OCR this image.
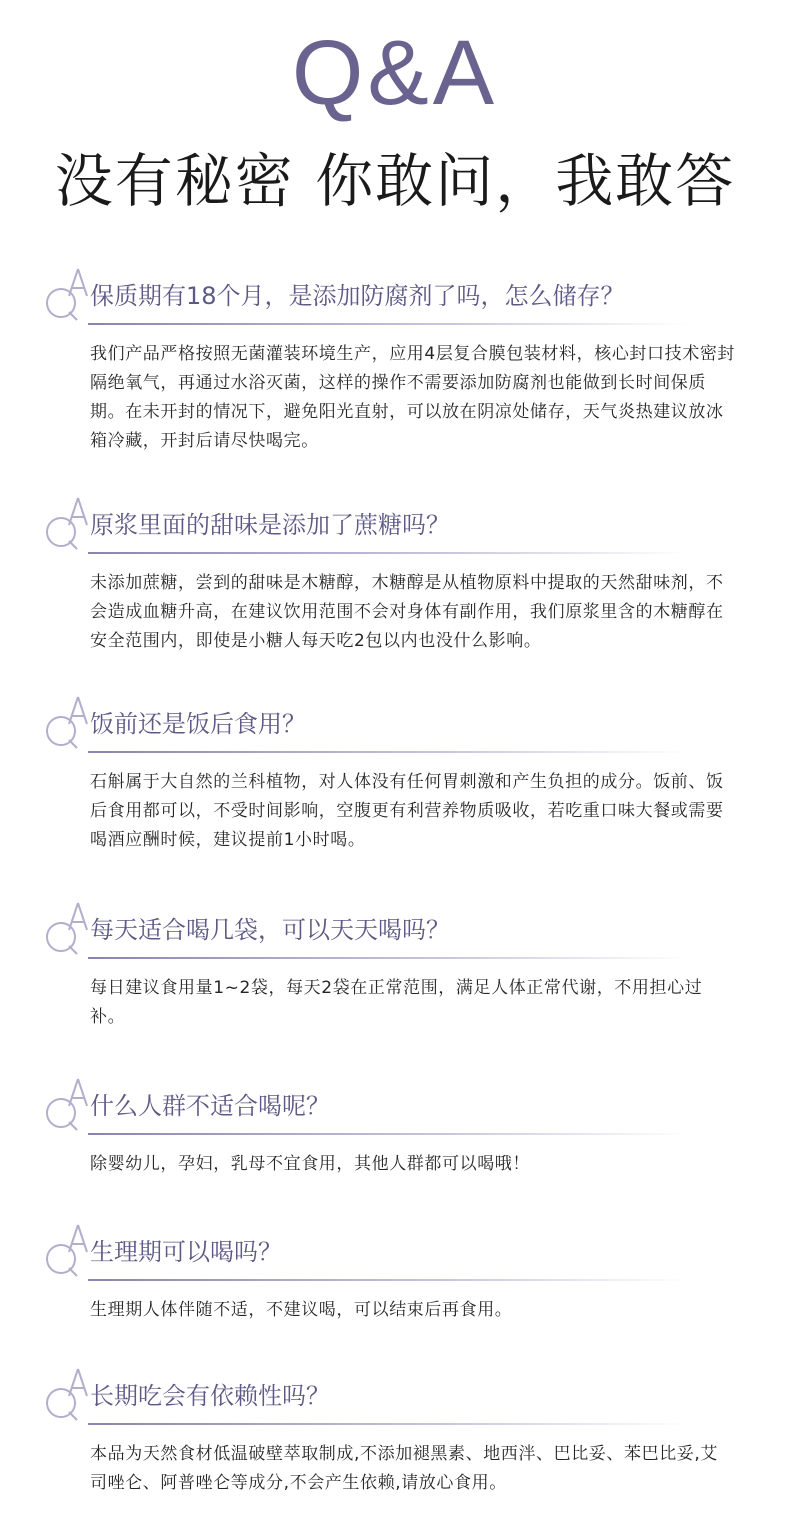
Q&A
没有秘密 你敢问，我敢答
保质期有18个月，是添加防腐剂了吗，怎么储存？
我们产品严格按照无菌灌装环境生产，应用4层复合膜包装材料，核心封口技术密封隔绝氧气，再通过水浴灭菌，这样的操作不需要添加防腐剂也能做到长时间保质期。在未开封的情况下，避免阳光直射，可以放在阴凉处储存，天气炎热建议放冰箱冷藏，开封后请尽快喝完。
原浆里面的甜味是添加了蔗糖吗？
未添加蔗糖，尝到的甜味是木糖醇，木糖醇是从植物原料中提取的天然甜味剂，不会造成血糖升高，在建议饮用范围不会对身体有副作用，我们原浆里含的木糖醇在安全范围内，即使是小糖人每天吃2包以内也没什么影响。
饭前还是饭后食用？
石斛属于大自然的兰科植物，对人体没有任何胃刺激和产生负担的成分。饭前、饭后食用都可以，不受时间影响，空腹更有利营养物质吸收，若吃重口味大餐或需要喝酒应酬时候，建议提前1小时喝。
每天适合喝几袋，可以天天喝吗？
每日建议食用量1~2袋，每天2袋在正常范围，满足人体正常代谢，不用担心过补。
什么人群不适合喝呢？
除婴幼儿，孕妇，乳母不宜食用，其他人群都可以喝哦！
生理期可以喝吗？
生理期人体伴随不适，不建议喝，可以结束后再食用。
长期吃会有依赖性吗？
本品为天然食材低温破壁萃取制成,不添加褪黑素、地西泮、巴比妥、苯巴比妥,艾司唑仑、阿普唑仑等成分,不会产生依赖,请放心食用。
